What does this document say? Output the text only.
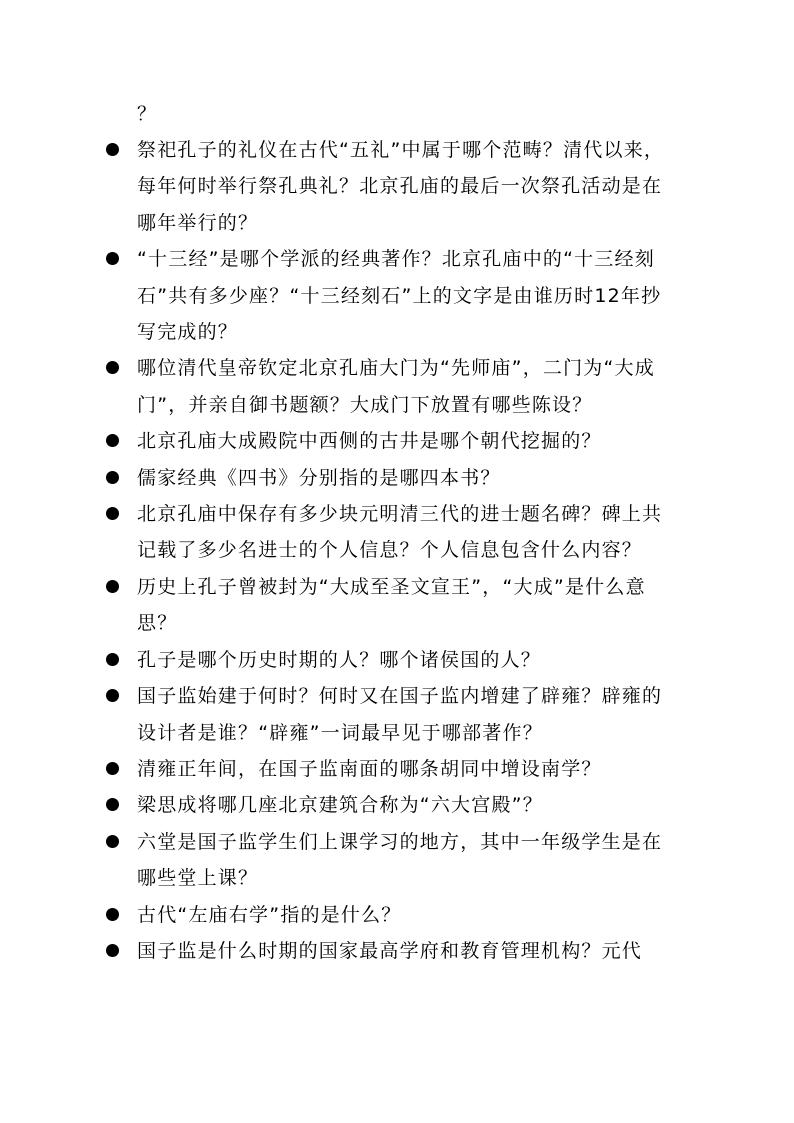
？
祭祀孔子的礼仪在古代“五礼”中属于哪个范畴？清代以来，每年何时举行祭孔典礼？北京孔庙的最后一次祭孔活动是在哪年举行的？
“十三经”是哪个学派的经典著作？北京孔庙中的“十三经刻石”共有多少座？“十三经刻石”上的文字是由谁历时12年抄写完成的？
哪位清代皇帝钦定北京孔庙大门为“先师庙”，二门为“大成门”，并亲自御书题额？大成门下放置有哪些陈设？
北京孔庙大成殿院中西侧的古井是哪个朝代挖掘的？
儒家经典《四书》分别指的是哪四本书？
北京孔庙中保存有多少块元明清三代的进士题名碑？碑上共记载了多少名进士的个人信息？个人信息包含什么内容？
历史上孔子曾被封为“大成至圣文宣王”，“大成”是什么意思？
孔子是哪个历史时期的人？哪个诸侯国的人？
国子监始建于何时？何时又在国子监内增建了辟雍？辟雍的设计者是谁？“辟雍”一词最早见于哪部著作？
清雍正年间，在国子监南面的哪条胡同中增设南学？
梁思成将哪几座北京建筑合称为“六大宫殿”？
六堂是国子监学生们上课学习的地方，其中一年级学生是在哪些堂上课？
古代“左庙右学”指的是什么？
国子监是什么时期的国家最高学府和教育管理机构？元代
